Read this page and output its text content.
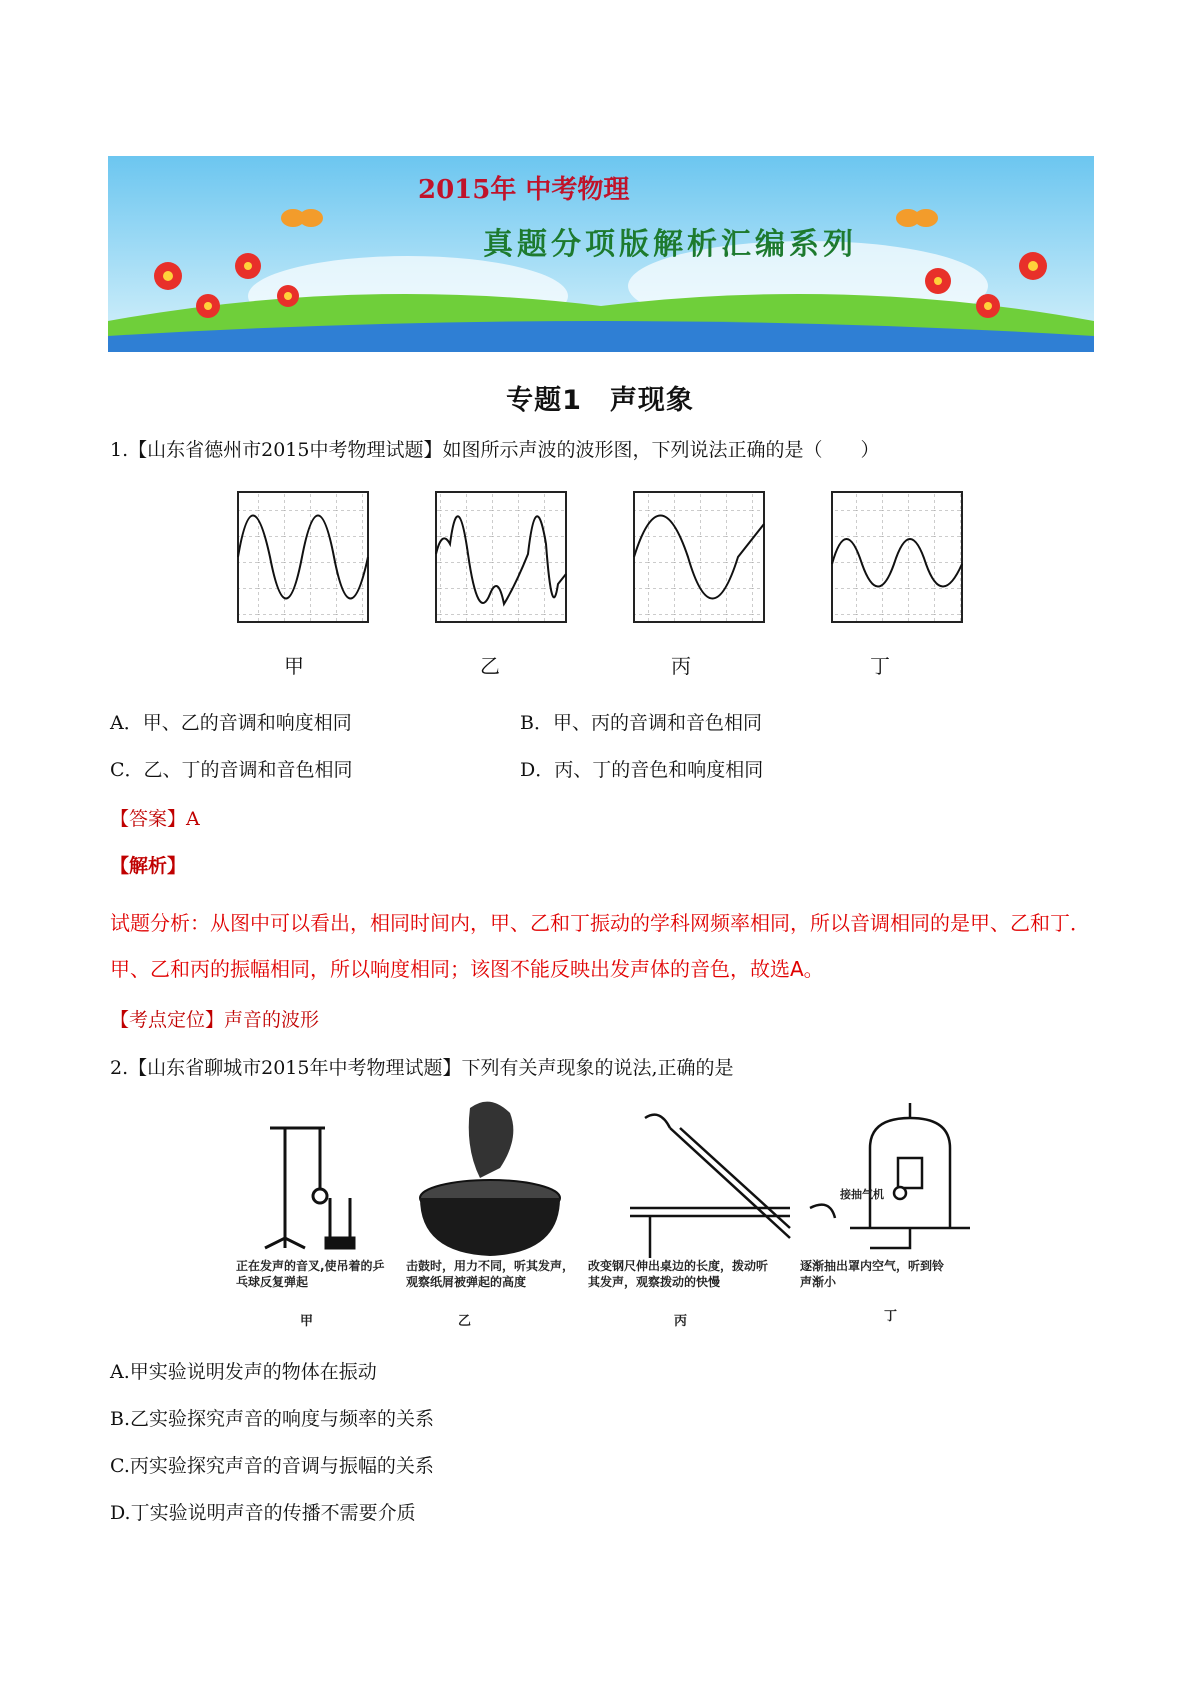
2015年 中考物理
真题分项版解析汇编系列
专题1　声现象
1.【山东省德州市2015中考物理试题】如图所示声波的波形图，下列说法正确的是（　　）
甲	乙	丙	丁
A．甲、乙的音调和响度相同	B．甲、丙的音调和音色相同
C．乙、丁的音调和音色相同	D．丙、丁的音色和响度相同
【答案】A
【解析】
试题分析：从图中可以看出，相同时间内，甲、乙和丁振动的学科网频率相同，所以音调相同的是甲、乙和丁．甲、乙和丙的振幅相同，所以响度相同；该图不能反映出发声体的音色，故选A。
【考点定位】声音的波形
2.【山东省聊城市2015年中考物理试题】下列有关声现象的说法,正确的是
接抽气机
正在发声的音叉,使吊着的乒乓球反复弹起
击鼓时，用力不同，听其发声，观察纸屑被弹起的高度
改变钢尺伸出桌边的长度，拨动听其发声，观察拨动的快慢
逐渐抽出罩内空气，听到铃声渐小
甲	乙	丙	丁
A.甲实验说明发声的物体在振动
B.乙实验探究声音的响度与频率的关系
C.丙实验探究声音的音调与振幅的关系
D.丁实验说明声音的传播不需要介质
